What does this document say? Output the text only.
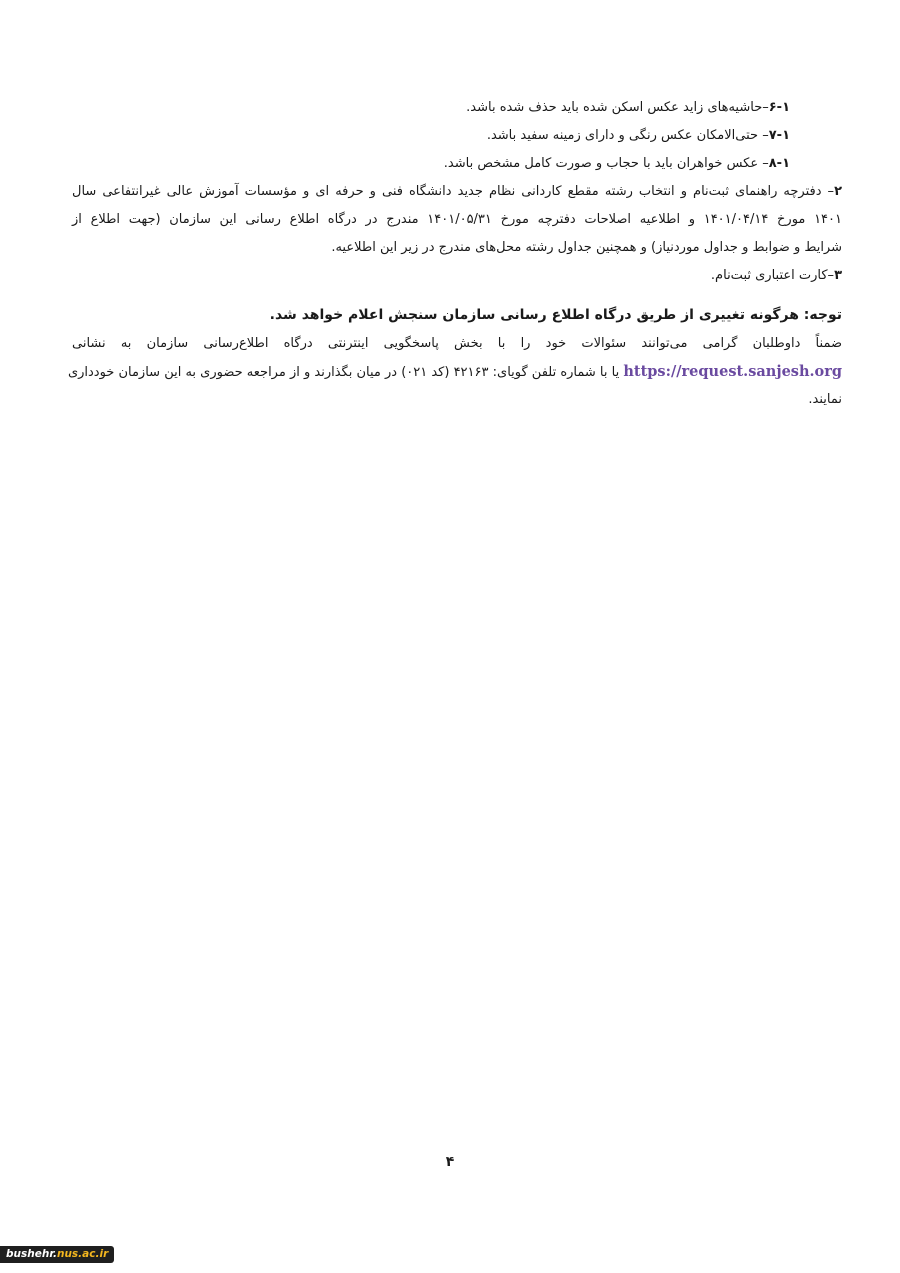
۶-۱–حاشیه‌های زاید عکس اسکن شده باید حذف شده باشد.
۷-۱– حتی‌الامکان عکس رنگی و دارای زمینه سفید باشد.
۸-۱– عکس خواهران باید با حجاب و صورت کامل مشخص باشد.
۲– دفترچه راهنمای ثبت‌نام و انتخاب رشته مقطع کاردانی نظام جدید دانشگاه فنی و حرفه ای و مؤسسات آموزش عالی غیرانتفاعی سال
۱۴۰۱ مورخ ۱۴۰۱/۰۴/۱۴ و اطلاعیه اصلاحات دفترچه مورخ ۱۴۰۱/۰۵/۳۱ مندرج در درگاه اطلاع رسانی این سازمان (جهت اطلاع از
شرایط و ضوابط و جداول موردنیاز) و همچنین جداول رشته محل‌های مندرج در زیر این اطلاعیه.
۳–کارت اعتباری ثبت‌نام.
توجه: هرگونه تغییری از طریق درگاه اطلاع رسانی سازمان سنجش اعلام خواهد شد.
ضمناً داوطلبان گرامی می‌توانند سئوالات خود را با بخش پاسخگویی اینترنتی درگاه اطلاع‌رسانی سازمان به نشانی
https://request.sanjesh.org یا با شماره تلفن گویای: ۴۲۱۶۳ (کد ۰۲۱) در میان بگذارند و از مراجعه حضوری به این سازمان خودداری
نمایند.
۴
bushehr.nus.ac.ir
